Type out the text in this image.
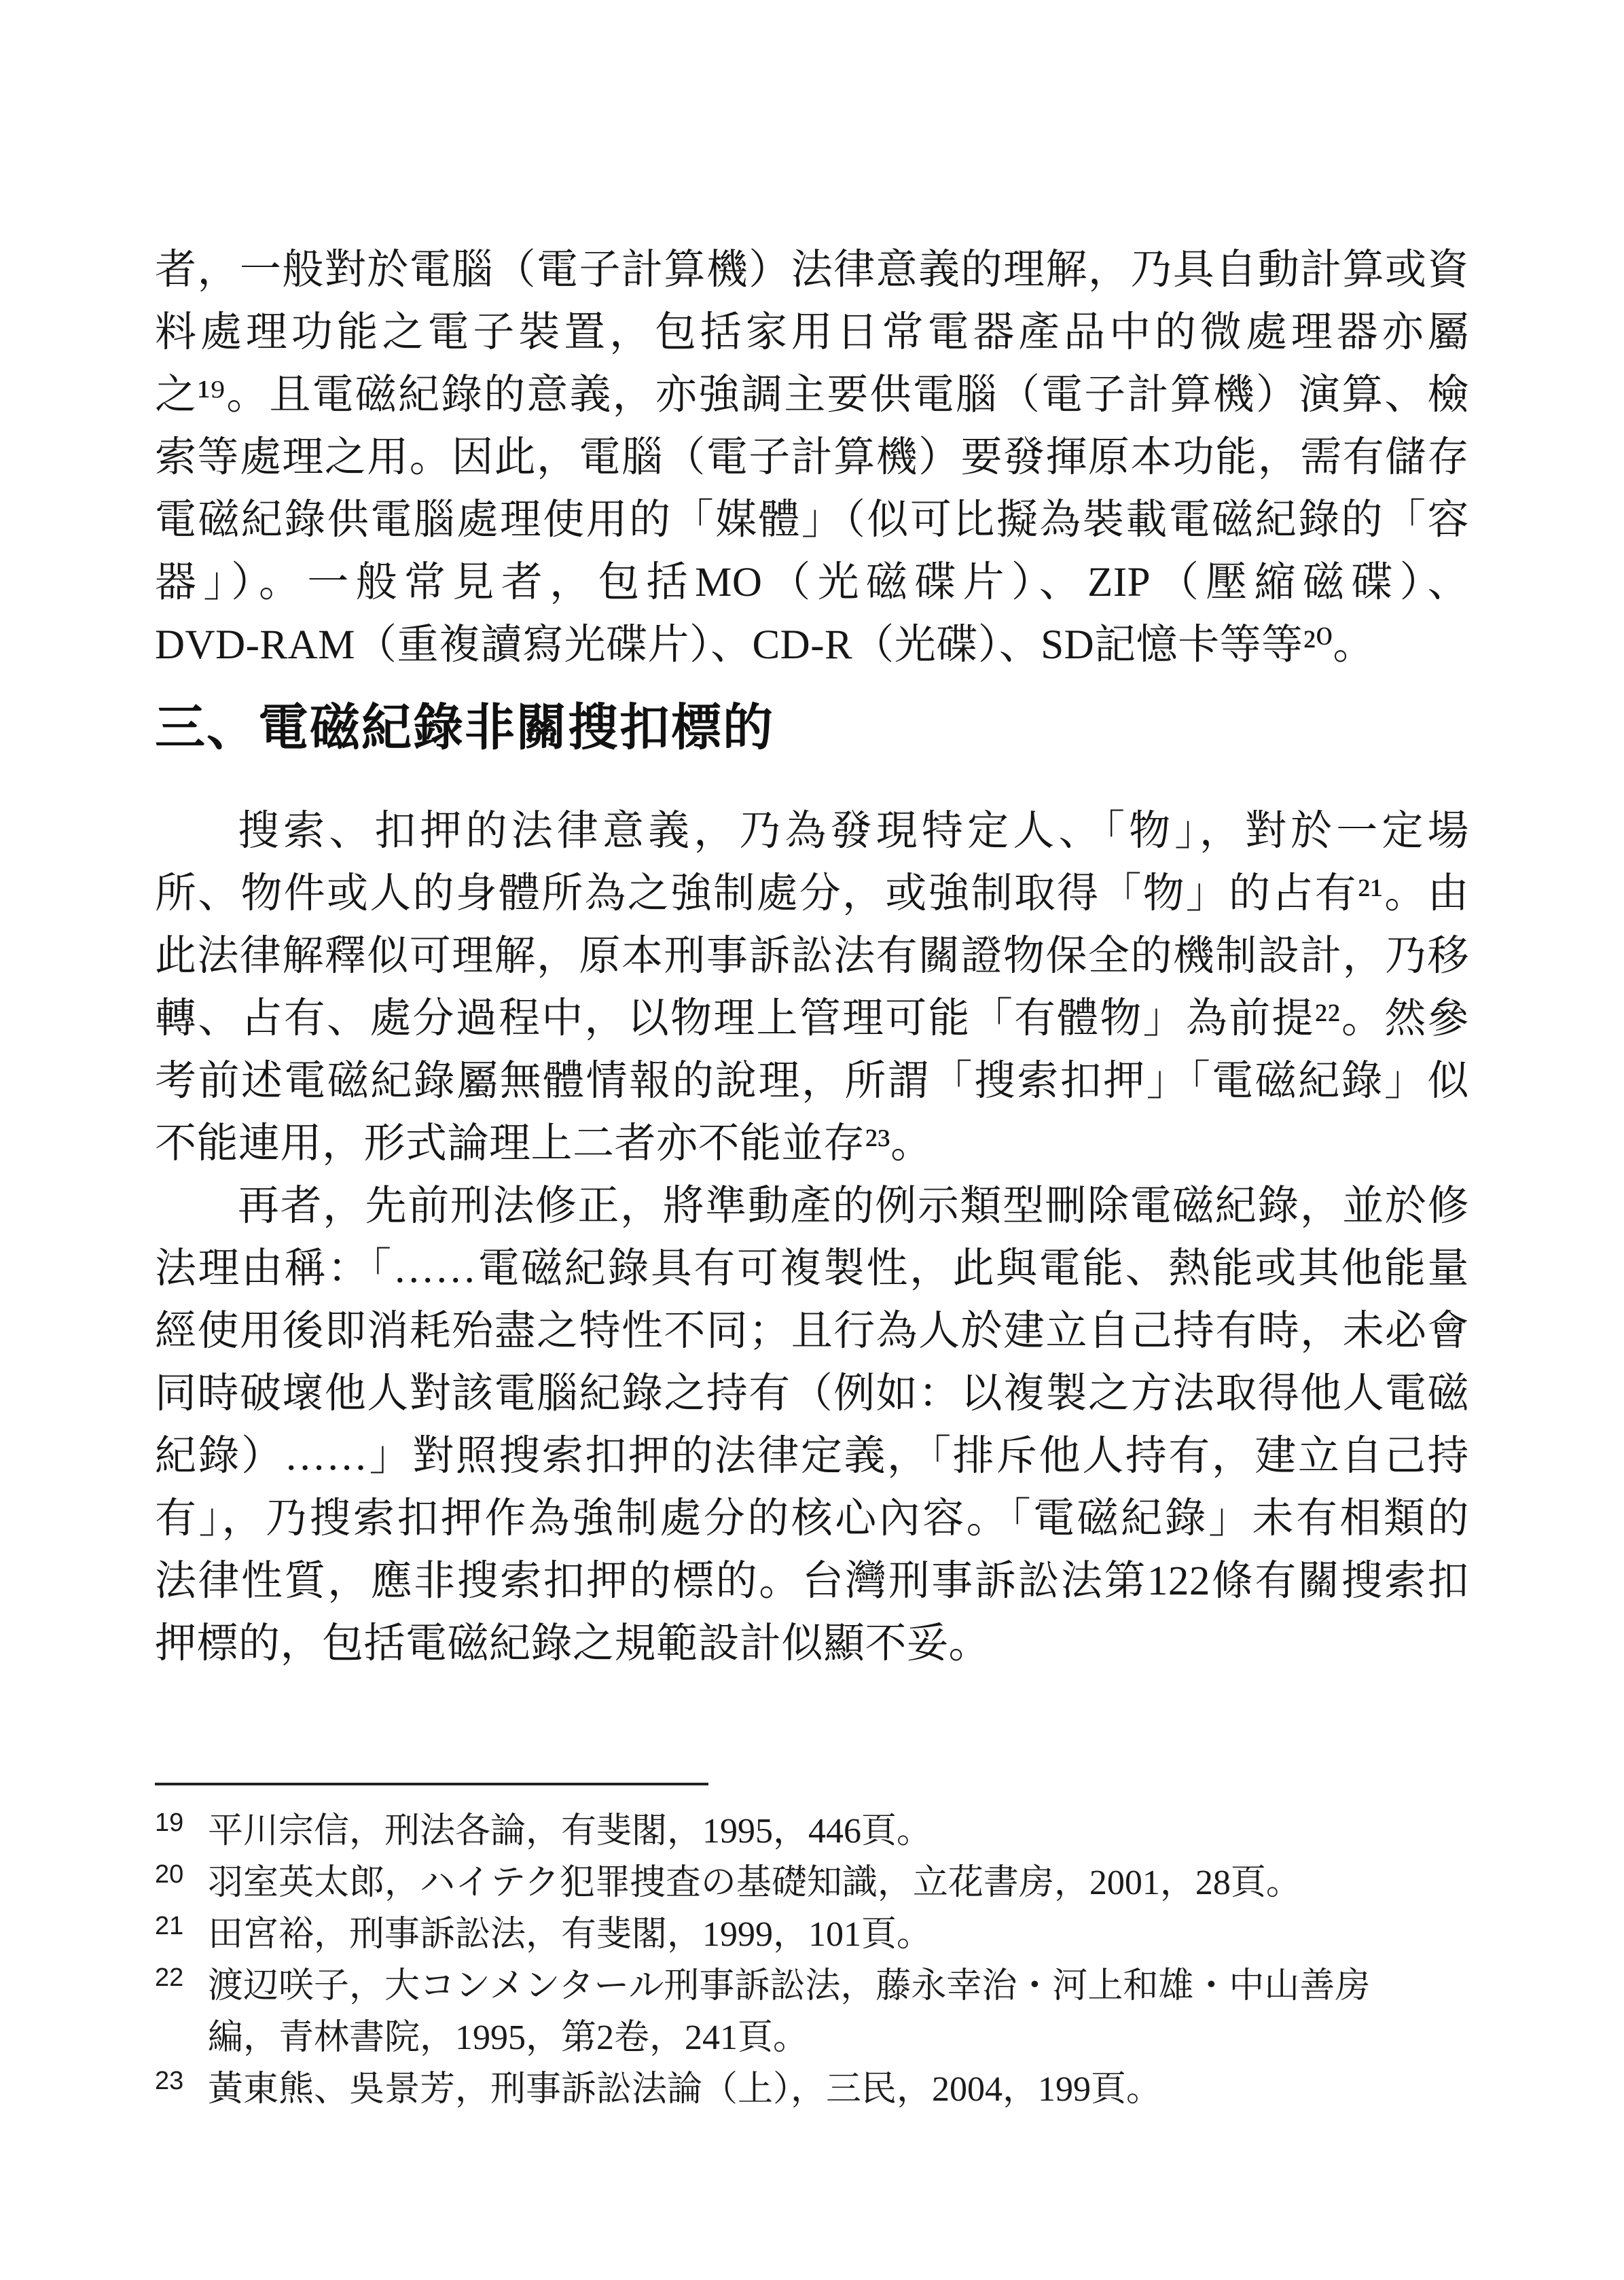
者，一般對於電腦（電子計算機）法律意義的理解，乃具自動計算或資
料處理功能之電子裝置，包括家用日常電器產品中的微處理器亦屬
之¹⁹。且電磁紀錄的意義，亦強調主要供電腦（電子計算機）演算、檢
索等處理之用。因此，電腦（電子計算機）要發揮原本功能，需有儲存
電磁紀錄供電腦處理使用的「媒體」（似可比擬為裝載電磁紀錄的「容
器」）。一般常見者，包括MO（光磁碟片）、ZIP（壓縮磁碟）、
DVD-RAM（重複讀寫光碟片）、CD-R（光碟）、SD記憶卡等等²⁰。
三、電磁紀錄非關搜扣標的
搜索、扣押的法律意義，乃為發現特定人、「物」，對於一定場
所、物件或人的身體所為之強制處分，或強制取得「物」的占有²¹。由
此法律解釋似可理解，原本刑事訴訟法有關證物保全的機制設計，乃移
轉、占有、處分過程中，以物理上管理可能「有體物」為前提²²。然參
考前述電磁紀錄屬無體情報的說理，所謂「搜索扣押」「電磁紀錄」似
不能連用，形式論理上二者亦不能並存²³。
再者，先前刑法修正，將準動產的例示類型刪除電磁紀錄，並於修
法理由稱：「……電磁紀錄具有可複製性，此與電能、熱能或其他能量
經使用後即消耗殆盡之特性不同；且行為人於建立自己持有時，未必會
同時破壞他人對該電腦紀錄之持有（例如：以複製之方法取得他人電磁
紀錄）……」對照搜索扣押的法律定義，「排斥他人持有，建立自己持
有」，乃搜索扣押作為強制處分的核心內容。「電磁紀錄」未有相類的
法律性質，應非搜索扣押的標的。台灣刑事訴訟法第122條有關搜索扣
押標的，包括電磁紀錄之規範設計似顯不妥。
19 平川宗信，刑法各論，有斐閣，1995，446頁。
20 羽室英太郎，ハイテク犯罪捜査の基礎知識，立花書房，2001，28頁。
21 田宮裕，刑事訴訟法，有斐閣，1999，101頁。
22 渡辺咲子，大コンメンタール刑事訴訟法，藤永幸治・河上和雄・中山善房
編，青林書院，1995，第2卷，241頁。
23 黃東熊、吳景芳，刑事訴訟法論（上），三民，2004，199頁。
